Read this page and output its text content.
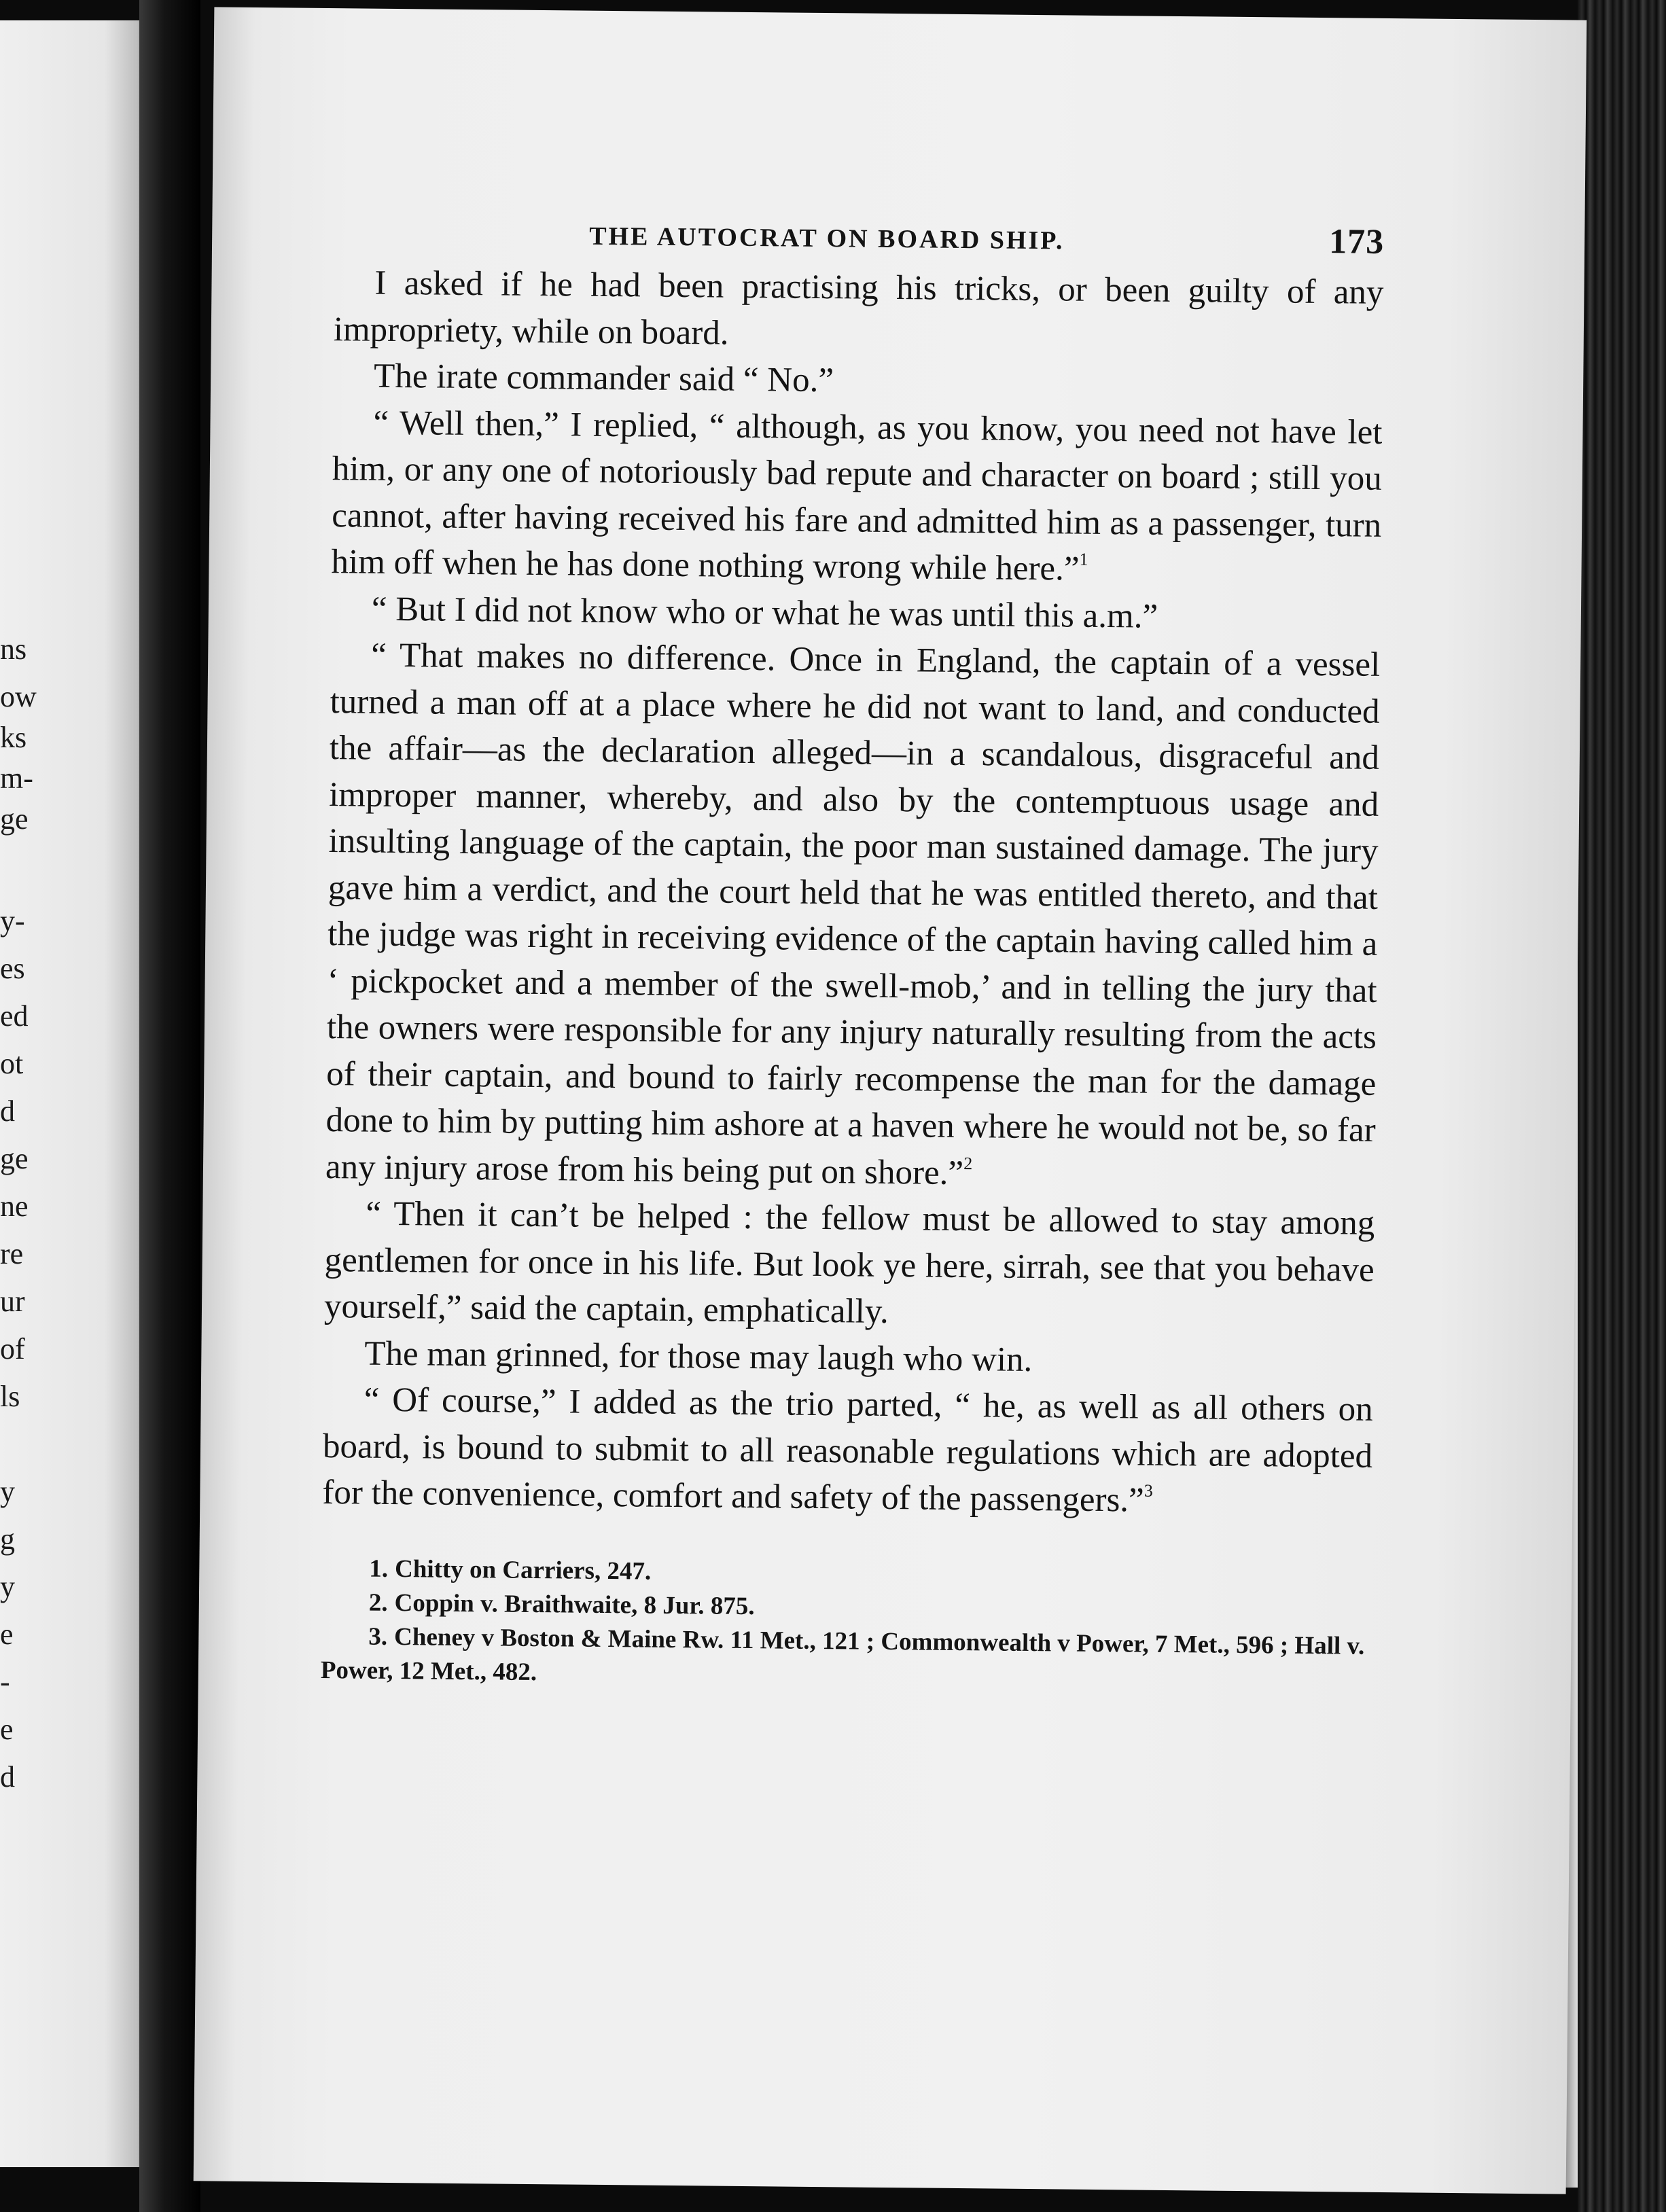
ns
ow
ks
m-
ge
y-
es
ed
ot
d
ge
ne
re
ur
of
ls
y
g
y
e
-
e
d
THE AUTOCRAT ON BOARD SHIP.	173

I asked if he had been practising his tricks, or been guilty of any impropriety, while on board.

The irate commander said “ No.”

“ Well then,” I replied, “ although, as you know, you need not have let him, or any one of notoriously bad repute and character on board ; still you cannot, after having received his fare and admitted him as a passenger, turn him off when he has done nothing wrong while here.”$^1$

“ But I did not know who or what he was until this a.m.”

“ That makes no difference. Once in England, the captain of a vessel turned a man off at a place where he did not want to land, and conducted the affair—as the declaration alleged—in a scandalous, disgraceful and improper manner, whereby, and also by the contemptuous usage and insulting language of the captain, the poor man sustained damage. The jury gave him a verdict, and the court held that he was entitled thereto, and that the judge was right in receiving evidence of the captain having called him a ‘ pickpocket and a member of the swell-mob,’ and in telling the jury that the owners were responsible for any injury naturally resulting from the acts of their captain, and bound to fairly recompense the man for the damage done to him by putting him ashore at a haven where he would not be, so far any injury arose from his being put on shore.”$^2$

“ Then it can’t be helped : the fellow must be allowed to stay among gentlemen for once in his life. But look ye here, sirrah, see that you behave yourself,” said the captain, emphatically.

The man grinned, for those may laugh who win.

“ Of course,” I added as the trio parted, “ he, as well as all others on board, is bound to submit to all reasonable regulations which are adopted for the convenience, comfort and safety of the passengers.”$^3$

1. Chitty on Carriers, 247.
2. Coppin v. Braithwaite, 8 Jur. 875.
3. Cheney v Boston & Maine Rw. 11 Met., 121 ; Commonwealth v Power, 7 Met., 596 ; Hall v. Power, 12 Met., 482.
